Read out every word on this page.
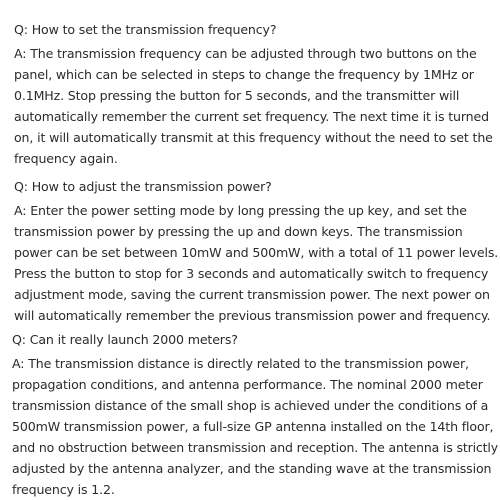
Q: How to set the transmission frequency?
A: The transmission frequency can be adjusted through two buttons on the
panel, which can be selected in steps to change the frequency by 1MHz or
0.1MHz. Stop pressing the button for 5 seconds, and the transmitter will
automatically remember the current set frequency. The next time it is turned
on, it will automatically transmit at this frequency without the need to set the
frequency again.
Q: How to adjust the transmission power?
A: Enter the power setting mode by long pressing the up key, and set the
transmission power by pressing the up and down keys. The transmission
power can be set between 10mW and 500mW, with a total of 11 power levels.
Press the button to stop for 3 seconds and automatically switch to frequency
adjustment mode, saving the current transmission power. The next power on
will automatically remember the previous transmission power and frequency.
Q: Can it really launch 2000 meters?
A: The transmission distance is directly related to the transmission power,
propagation conditions, and antenna performance. The nominal 2000 meter
transmission distance of the small shop is achieved under the conditions of a
500mW transmission power, a full-size GP antenna installed on the 14th floor,
and no obstruction between transmission and reception. The antenna is strictly
adjusted by the antenna analyzer, and the standing wave at the transmission
frequency is 1.2.
